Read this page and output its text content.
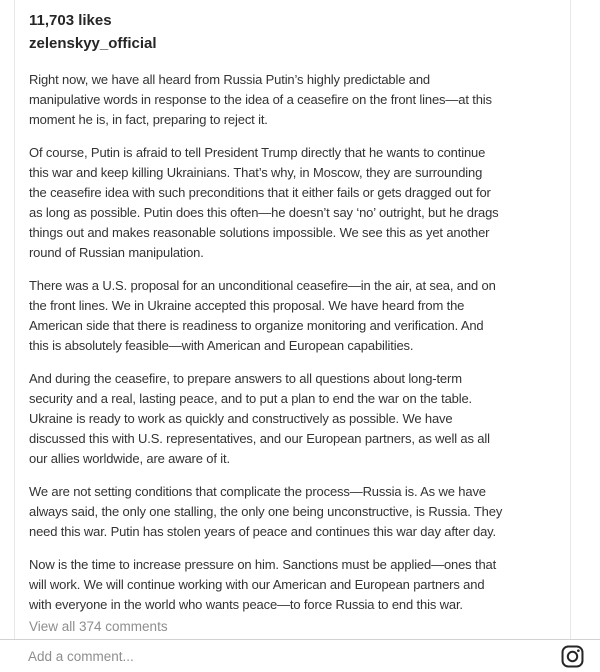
11,703 likes
zelenskyy_official

Right now, we have all heard from Russia Putin’s highly predictable and
manipulative words in response to the idea of a ceasefire on the front lines—at this
moment he is, in fact, preparing to reject it.

Of course, Putin is afraid to tell President Trump directly that he wants to continue
this war and keep killing Ukrainians. That’s why, in Moscow, they are surrounding
the ceasefire idea with such preconditions that it either fails or gets dragged out for
as long as possible. Putin does this often—he doesn’t say ‘no’ outright, but he drags
things out and makes reasonable solutions impossible. We see this as yet another
round of Russian manipulation.

There was a U.S. proposal for an unconditional ceasefire—in the air, at sea, and on
the front lines. We in Ukraine accepted this proposal. We have heard from the
American side that there is readiness to organize monitoring and verification. And
this is absolutely feasible—with American and European capabilities.

And during the ceasefire, to prepare answers to all questions about long-term
security and a real, lasting peace, and to put a plan to end the war on the table.
Ukraine is ready to work as quickly and constructively as possible. We have
discussed this with U.S. representatives, and our European partners, as well as all
our allies worldwide, are aware of it.

We are not setting conditions that complicate the process—Russia is. As we have
always said, the only one stalling, the only one being unconstructive, is Russia. They
need this war. Putin has stolen years of peace and continues this war day after day.

Now is the time to increase pressure on him. Sanctions must be applied—ones that
will work. We will continue working with our American and European partners and
with everyone in the world who wants peace—to force Russia to end this war.

View all 374 comments
Add a comment...
